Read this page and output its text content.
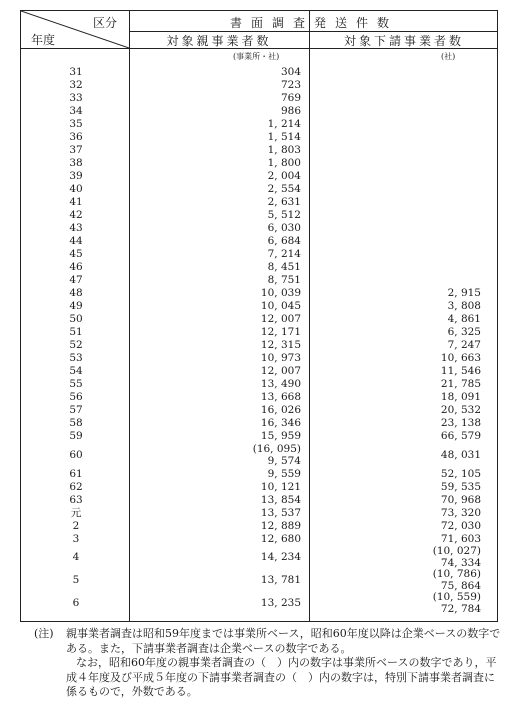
区分
年度
書面調査発送件数
対象親事業者数	対象下請事業者数
(事業所・社)	(社)
31	304
32	723
33	769
34	986
35	1, 214
36	1, 514
37	1, 803
38	1, 800
39	2, 004
40	2, 554
41	2, 631
42	5, 512
43	6, 030
44	6, 684
45	7, 214
46	8, 451
47	8, 751
48	10, 039	2, 915
49	10, 045	3, 808
50	12, 007	4, 861
51	12, 171	6, 325
52	12, 315	7, 247
53	10, 973	10, 663
54	12, 007	11, 546
55	13, 490	21, 785
56	13, 668	18, 091
57	16, 026	20, 532
58	16, 346	23, 138
59	15, 959	66, 579
60	(16, 095)
9, 574	48, 031
61	9, 559	52, 105
62	10, 121	59, 535
63	13, 854	70, 968
元	13, 537	73, 320
2	12, 889	72, 030
3	12, 680	71, 603
4	14, 234	(10, 027)
74, 334
5	13, 781	(10, 786)
75, 864
6	13, 235	(10, 559)
72, 784
(注) 親事業者調査は昭和59年度までは事業所ベース，昭和60年度以降は企業ベースの数字である。また，下請事業者調査は企業ベースの数字である。
なお，昭和60年度の親事業者調査の（　）内の数字は事業所ベースの数字であり，平成４年度及び平成５年度の下請事業者調査の（　）内の数字は，特別下請事業者調査に係るもので，外数である。
